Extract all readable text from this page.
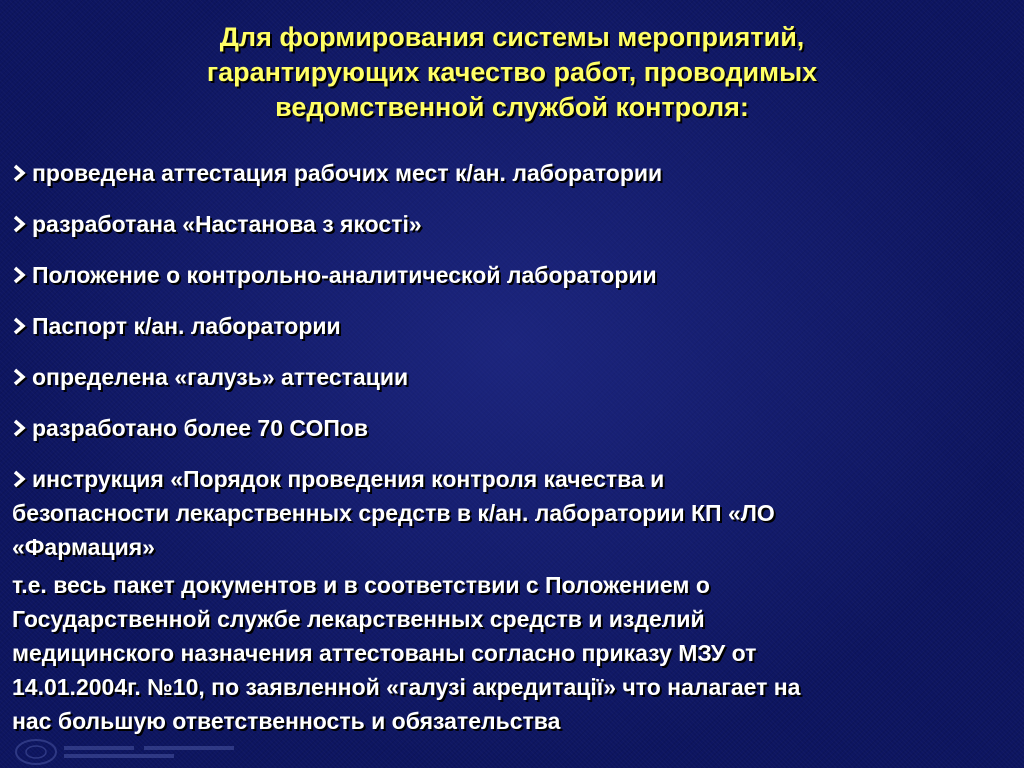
Для формирования системы мероприятий,
гарантирующих качество работ, проводимых
ведомственной службой контроля:
проведена аттестация рабочих мест к/ан. лаборатории
разработана «Настанова з якості»
Положение о контрольно-аналитической лаборатории
Паспорт к/ан. лаборатории
определена «галузь» аттестации
разработано более 70 СОПов
инструкция «Порядок проведения контроля качества и
безопасности лекарственных средств в к/ан. лаборатории КП «ЛО
«Фармация»
т.е. весь пакет документов и в соответствии с Положением о
Государственной службе лекарственных средств и изделий
медицинского назначения аттестованы согласно приказу МЗУ от
14.01.2004г. №10, по заявленной «галузі акредитації» что налагает на
нас большую ответственность и обязательства
